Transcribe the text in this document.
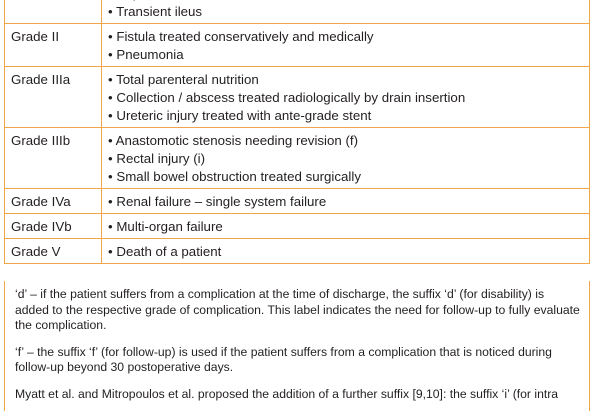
	• Transient ileus

Grade II	• Fistula treated conservatively and medically
• Pneumonia

Grade IIIa	• Total parenteral nutrition
• Collection / abscess treated radiologically by drain insertion
• Ureteric injury treated with ante-grade stent

Grade IIIb	• Anastomotic stenosis needing revision (f)
• Rectal injury (i)
• Small bowel obstruction treated surgically

Grade IVa	• Renal failure – single system failure

Grade IVb	• Multi-organ failure

Grade V	• Death of a patient

‘d’ – if the patient suffers from a complication at the time of discharge, the suffix ‘d’ (for disability) is added to the respective grade of complication. This label indicates the need for follow-up to fully evaluate the complication.

‘f’ – the suffix ‘f’ (for follow-up) is used if the patient suffers from a complication that is noticed during follow-up beyond 30 postoperative days.

Myatt et al. and Mitropoulos et al. proposed the addition of a further suffix [9,10]: the suffix ‘i’ (for intra
